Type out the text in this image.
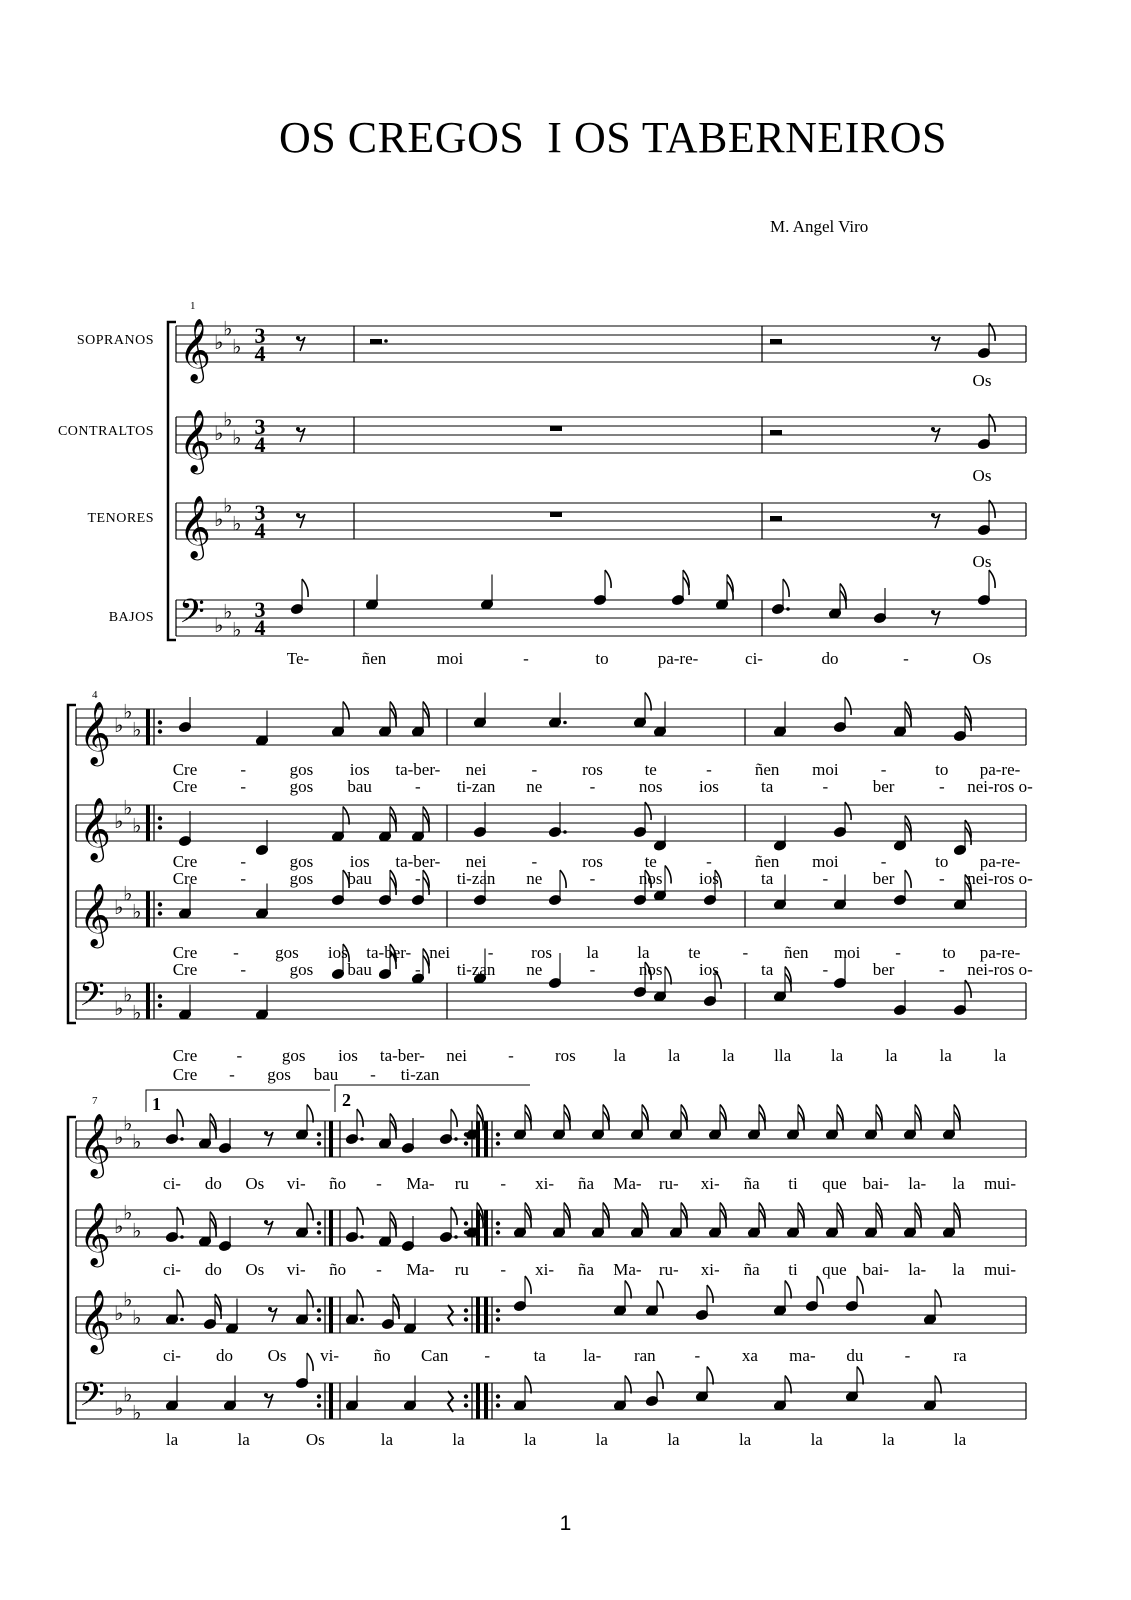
OS CREGOS  I OS TABERNEIROS
M. Angel Viro
SOPRANOS
CONTRALTOS
TENORES
BAJOS
1
𝄞 ♭
♭
♭ 3
4
𝄞 ♭
♭
♭ 3
4
𝄞 ♭
♭
♭ 3
4
𝄢 ♭
♭
♭
3
4
4
𝄞 ♭
♭
♭
𝄞 ♭
♭
♭
𝄞 ♭
♭
♭
𝄢 ♭
♭
♭
7	1	2
𝄞 ♭
♭
♭
𝄞 ♭
♭
♭
𝄞 ♭
♭
♭
𝄢 ♭
♭
♭
Os
Os
Os
Te-	ñen	moi	-	to	pa-re-	ci-	do	-	Os
Cre	-	gos ios ta-ber- nei	-	ros te	-	ñen moi -	to pa-re-
Cre	-	gos bau	- ti-zan ne	-	nos ios ta	-	ber	- nei-ros o-
Cre	-	gos ios ta-ber- nei	-	ros te	-	ñen moi -	to pa-re-
Cre	-	gos bau	- ti-zan ne	-	nos ios ta	-	ber	- nei-ros o-
Cre - gos ios ta-ber- nei - ros la la te - ñen moi - to pa-re-
Cre	-	gos bau	- ti-zan ne	-	nos ios ta	-	ber	- nei-ros o-
Cre - gos ios ta-ber- nei - ros la la la lla la la la la
Cre - gos bau - ti-zan
ci- do Os vi- ño - Ma- ru - xi- ña Ma- ru- xi- ña ti que bai- la- la mui-
ci- do Os vi- ño - Ma- ru - xi- ña Ma- ru- xi- ña ti que bai- la- la mui-
ci- do Os vi- ño Can -	ta la- ran - xa ma- du -	ra
la	la	Os	la	la	la	la	la	la	la	la	la
1
